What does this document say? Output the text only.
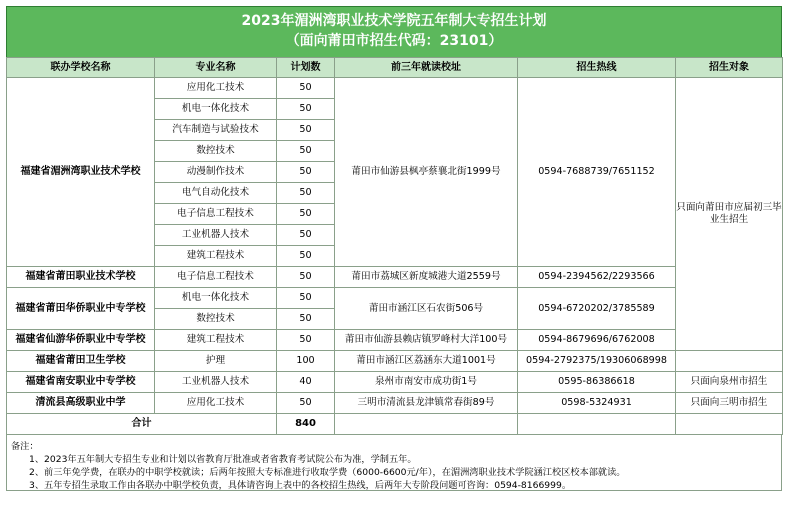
2023年湄洲湾职业技术学院五年制大专招生计划
（面向莆田市招生代码：23101）
联办学校名称	专业名称	计划数	前三年就读校址	招生热线	招生对象
福建省湄洲湾职业技术学校	应用化工技术	50	莆田市仙游县枫亭蔡襄北街1999号	0594-7688739/7651152	只面向莆田市应届初三毕业生招生
	机电一体化技术	50			
	汽车制造与试验技术	50			
	数控技术	50			
	动漫制作技术	50			
	电气自动化技术	50			
	电子信息工程技术	50			
	工业机器人技术	50			
	建筑工程技术	50			
福建省莆田职业技术学校	电子信息工程技术	50	莆田市荔城区新度城港大道2559号	0594-2394562/2293566	
福建省莆田华侨职业中专学校	机电一体化技术	50	莆田市涵江区石农街506号	0594-6720202/3785589	
	数控技术	50			
福建省仙游华侨职业中专学校	建筑工程技术	50	莆田市仙游县赖店镇罗峰村大洋100号	0594-8679696/6762008	
福建省莆田卫生学校	护理	100	莆田市涵江区荔涵东大道1001号	0594-2792375/19306068998	
福建省南安职业中专学校	工业机器人技术	40	泉州市南安市成功街1号	0595-86386618	只面向泉州市招生
清流县高级职业中学	应用化工技术	50	三明市清流县龙津镇常春街89号	0598-5324931	只面向三明市招生
合计		840			
备注：
1、2023年五年制大专招生专业和计划以省教育厅批准或者省教育考试院公布为准，学制五年。
2、前三年免学费，在联办的中职学校就读；后两年按照大专标准进行收取学费（6000-6600元/年），在湄洲湾职业技术学院涵江校区校本部就读。
3、五年专招生录取工作由各联办中职学校负责，具体请咨询上表中的各校招生热线，后两年大专阶段问题可咨询：0594-8166999。
